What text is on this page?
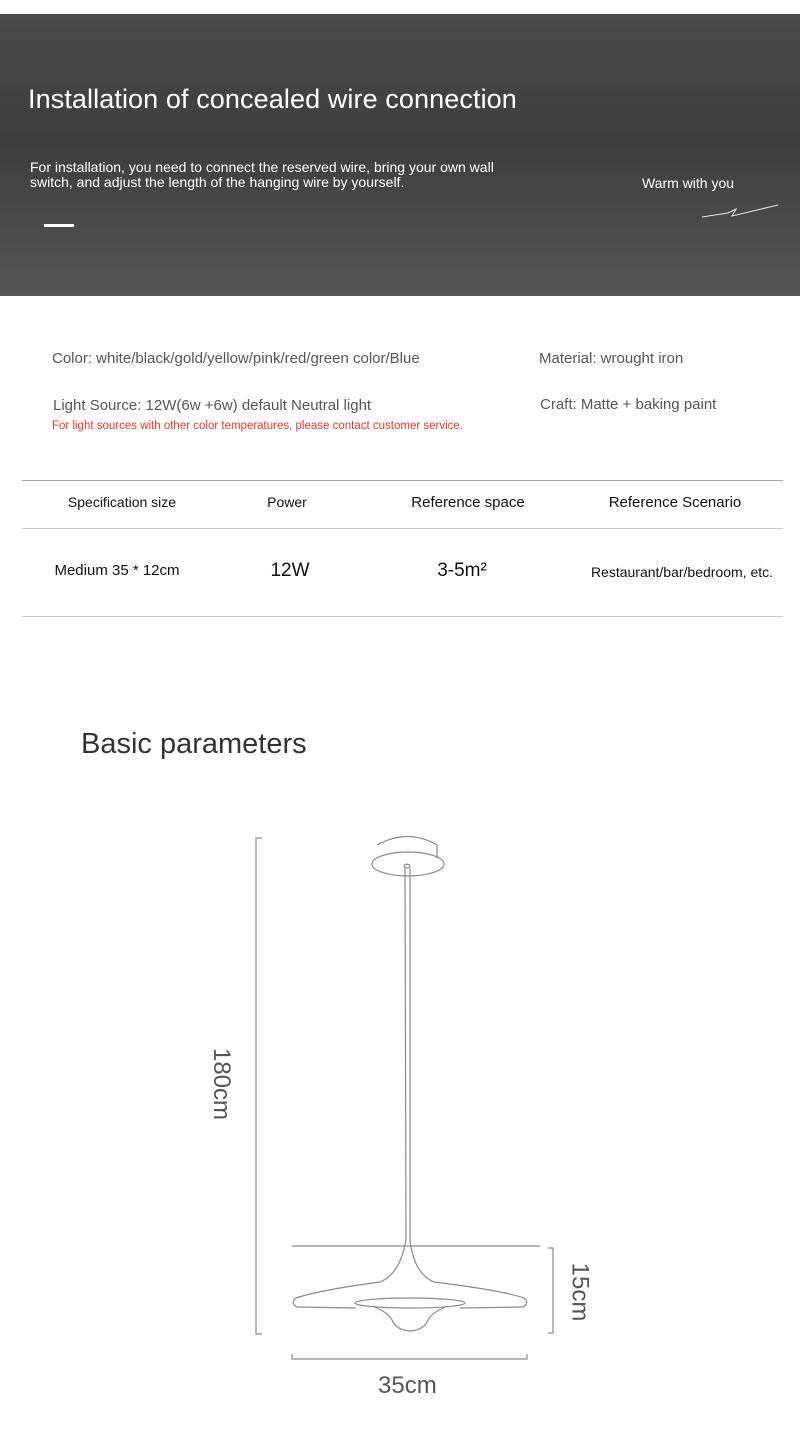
Installation of concealed wire connection
For installation, you need to connect the reserved wire, bring your own wall switch, and adjust the length of the hanging wire by yourself.	Warm with you
Color: white/black/gold/yellow/pink/red/green color/Blue	Material: wrought iron
Light Source: 12W(6w +6w) default Neutral light	Craft: Matte + baking paint
For light sources with other color temperatures, please contact customer service.
Specification size	Power	Reference space	Reference Scenario
Medium 35 * 12cm	12W	3-5m²	Restaurant/bar/bedroom, etc.
Basic parameters
180cm
15cm
35cm
